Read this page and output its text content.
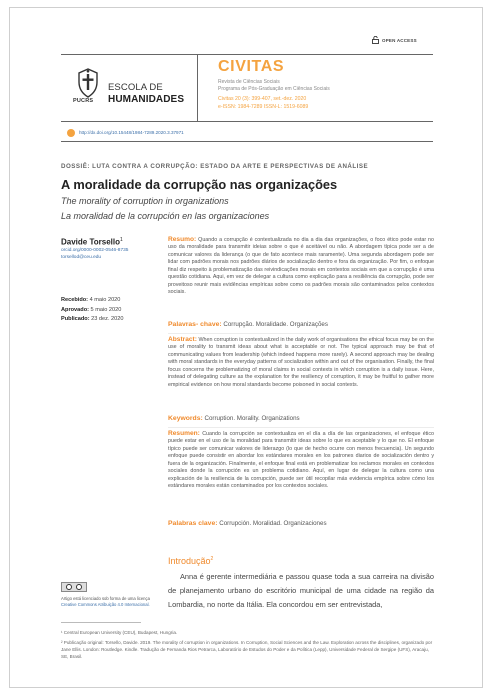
OPEN ACCESS
PUCRS
ESCOLA DE
HUMANIDADES
CIVITAS
Revista de Ciências Sociais
Programa de Pós-Graduação em Ciências Sociais
Civitas 20 (3): 399-407, set.-dez. 2020
e-ISSN: 1984-7289 ISSN-L: 1519-6089
http://dx.doi.org/10.15448/1984-7289.2020.3.37971
DOSSIÊ: LUTA CONTRA A CORRUPÇÃO: ESTADO DA ARTE E PERSPECTIVAS DE ANÁLISE
A moralidade da corrupção nas organizações
The morality of corruption in organizations
La moralidad de la corrupción en las organizaciones
Davide Torsello$^1$
orcid.org/0000-0002-0546-8735
torsellod@ceu.edu
Recebido: 4 maio 2020
Aprovado: 5 maio 2020
Publicado: 23 dez. 2020
Resumo: Quando a corrupção é contextualizada no dia a dia das organizações, o foco ético pode estar no uso da moralidade para transmitir ideias sobre o que é aceitável ou não. A abordagem típica pode ser a de comunicar valores da liderança (o que de fato acontece mais raramente). Uma segunda abordagem pode ser lidar com padrões morais nos padrões diários de socialização dentro e fora da organização. Por fim, o enfoque final diz respeito à problematização das reivindicações morais em contextos sociais em que a corrupção é uma questão cotidiana. Aqui, em vez de delegar a cultura como explicação para a resiliência da corrupção, pode ser proveitoso reunir mais evidências empíricas sobre como os padrões morais são contaminados pelos contextos sociais.
Palavras- chave: Corrupção. Moralidade. Organizações
Abstract: When corruption is contextualized in the daily work of organisations the ethical focus may be on the use of morality to transmit ideas about what is acceptable or not. The typical approach may be that of communicating values from leadership (which indeed happens more rarely). A second approach may be dealing with moral standards in the everyday patterns of socialization within and out of the organisation. Finally, the final focus concerns the problematizing of moral claims in social contexts in which corruption is a daily issue. Here, instead of delegating culture as the explanation for the resiliency of corruption, it may be fruitful to gather more empirical evidence on how moral standards become poisoned in social contexts.
Keywords: Corruption. Morality. Organizations
Resumen: Cuando la corrupción se contextualiza en el día a día de las organizaciones, el enfoque ético puede estar en el uso de la moralidad para transmitir ideas sobre lo que es aceptable y lo que no. El enfoque típico puede ser comunicar valores de liderazgo (lo que de hecho ocurre con menos frecuencia). Un segundo enfoque puede consistir en abordar los estándares morales en los patrones diarios de socialización dentro y fuera de la organización. Finalmente, el enfoque final está en problematizar los reclamos morales en contextos sociales donde la corrupción es un problema cotidiano. Aquí, en lugar de delegar la cultura como una explicación de la resiliencia de la corrupción, puede ser útil recopilar más evidencia empírica sobre cómo los estándares morales están contaminados por los contextos sociales.
Palabras clave: Corrupción. Moralidad. Organizaciones
Artigo está licenciado sob forma de uma licença
Creative Commons Atribuição 4.0 Internacional.
Introdução$^2$

Anna é gerente intermediária e passou quase toda a sua carreira na divisão de planejamento urbano do escritório municipal de uma cidade na região da Lombardia, no norte da Itália. Ela concordou em ser entrevistada,

¹ Central European University (CEU), Budapest, Hungria.
² Publicação original: Torsello, Davide. 2019. The morality of corruption in organizations. In Corruption, Social Sciences and the Law. Exploration across the disciplines, organizado por Jane Ellis. London: Routledge. Kindle. Tradução de Fernanda Rios Petrarca, Laboratório de Estudos do Poder e da Política (Lepp), Universidade Federal de Sergipe (UFS), Aracaju, SE, Brasil.
